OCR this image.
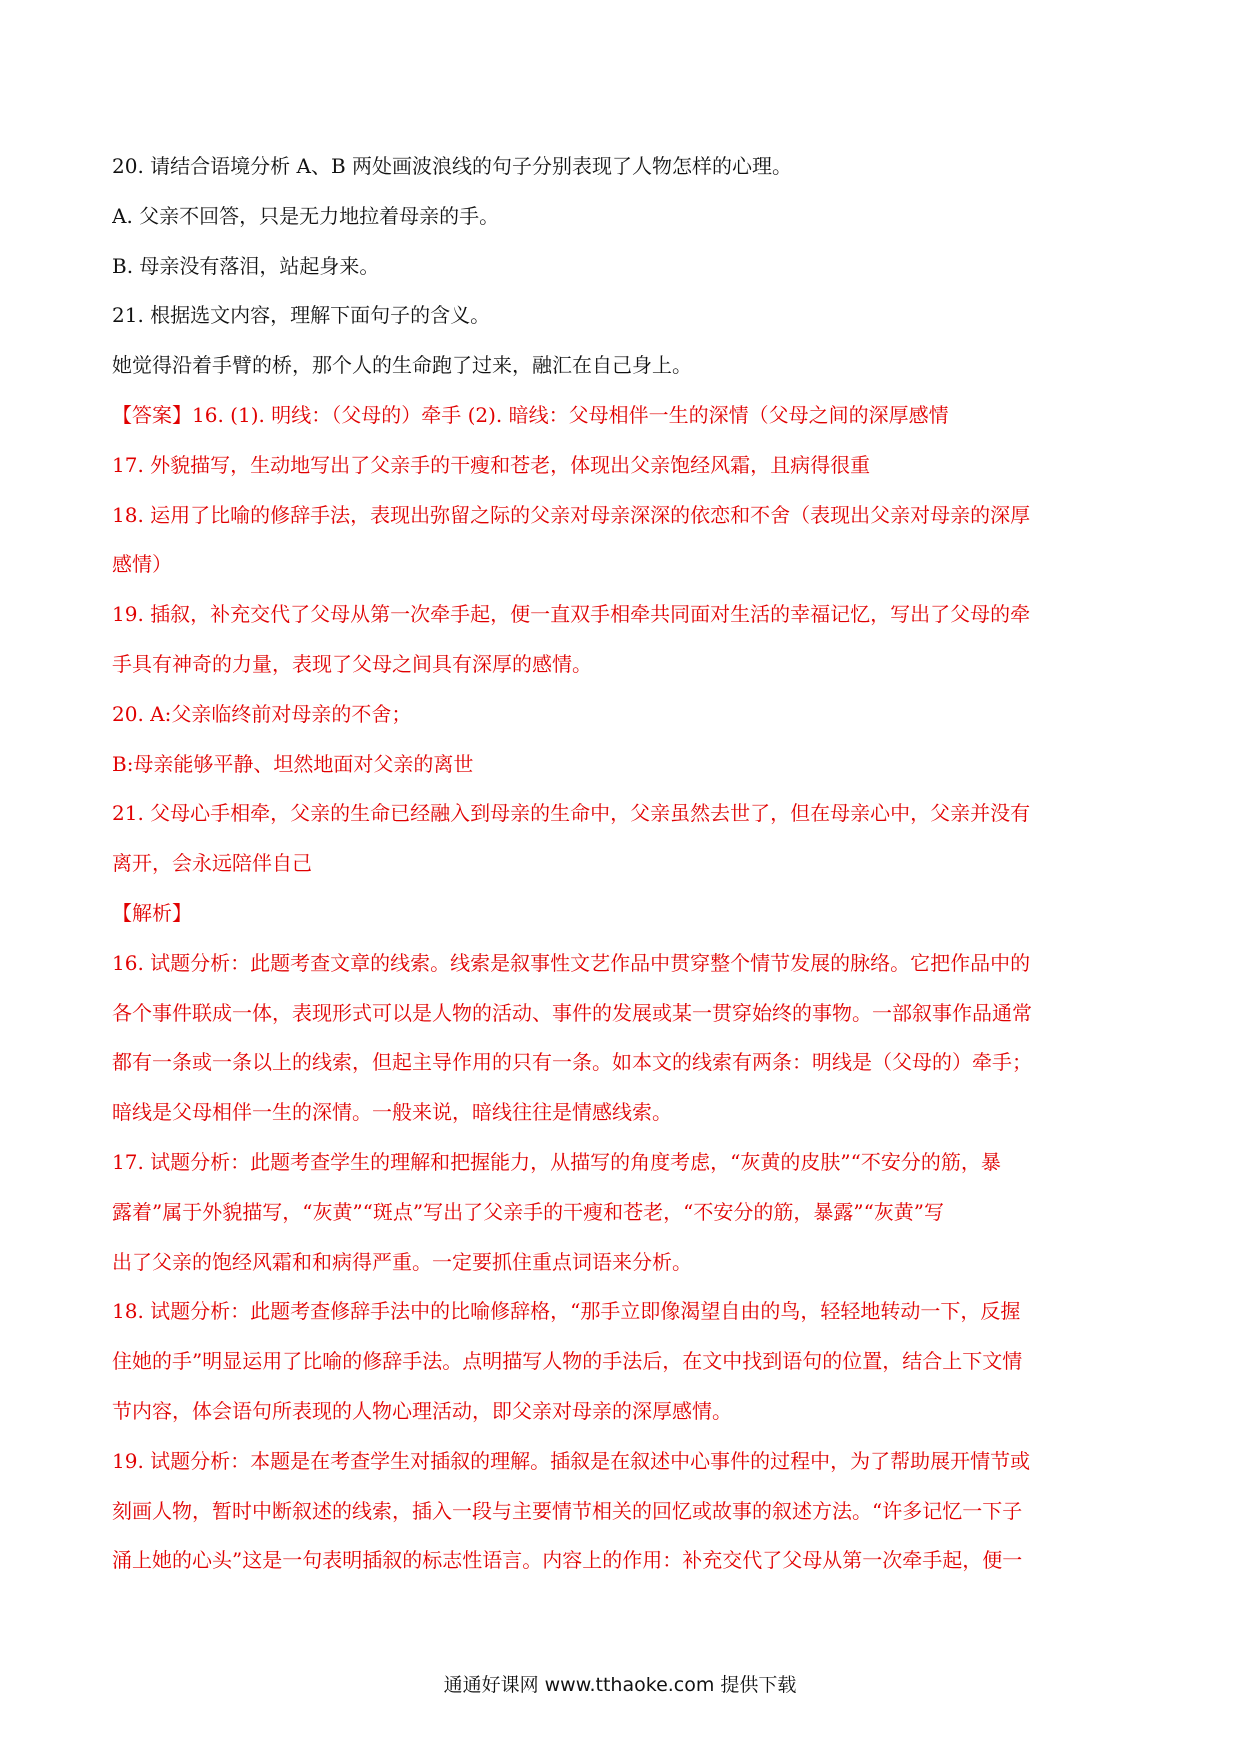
20. 请结合语境分析 A、B 两处画波浪线的句子分别表现了人物怎样的心理。
A. 父亲不回答，只是无力地拉着母亲的手。
B. 母亲没有落泪，站起身来。
21. 根据选文内容，理解下面句子的含义。
她觉得沿着手臂的桥，那个人的生命跑了过来，融汇在自己身上。
【答案】16. (1). 明线：（父母的）牵手 (2). 暗线：父母相伴一生的深情（父母之间的深厚感情
17. 外貌描写，生动地写出了父亲手的干瘦和苍老，体现出父亲饱经风霜，且病得很重
18. 运用了比喻的修辞手法，表现出弥留之际的父亲对母亲深深的依恋和不舍（表现出父亲对母亲的深厚
感情）
19. 插叙，补充交代了父母从第一次牵手起，便一直双手相牵共同面对生活的幸福记忆，写出了父母的牵
手具有神奇的力量，表现了父母之间具有深厚的感情。
20. A:父亲临终前对母亲的不舍；
B:母亲能够平静、坦然地面对父亲的离世
21. 父母心手相牵，父亲的生命已经融入到母亲的生命中，父亲虽然去世了，但在母亲心中，父亲并没有
离开，会永远陪伴自己
【解析】
16. 试题分析：此题考查文章的线索。线索是叙事性文艺作品中贯穿整个情节发展的脉络。它把作品中的
各个事件联成一体，表现形式可以是人物的活动、事件的发展或某一贯穿始终的事物。一部叙事作品通常
都有一条或一条以上的线索，但起主导作用的只有一条。如本文的线索有两条：明线是（父母的）牵手；
暗线是父母相伴一生的深情。一般来说，暗线往往是情感线索。
17. 试题分析：此题考查学生的理解和把握能力，从描写的角度考虑，“灰黄的皮肤”“不安分的筋，暴
露着”属于外貌描写，“灰黄”“斑点”写出了父亲手的干瘦和苍老，“不安分的筋，暴露”“灰黄”写
出了父亲的饱经风霜和和病得严重。一定要抓住重点词语来分析。
18. 试题分析：此题考查修辞手法中的比喻修辞格，“那手立即像渴望自由的鸟，轻轻地转动一下，反握
住她的手”明显运用了比喻的修辞手法。点明描写人物的手法后，在文中找到语句的位置，结合上下文情
节内容，体会语句所表现的人物心理活动，即父亲对母亲的深厚感情。
19. 试题分析：本题是在考查学生对插叙的理解。插叙是在叙述中心事件的过程中，为了帮助展开情节或
刻画人物，暂时中断叙述的线索，插入一段与主要情节相关的回忆或故事的叙述方法。“许多记忆一下子
涌上她的心头”这是一句表明插叙的标志性语言。内容上的作用：补充交代了父母从第一次牵手起，便一
通通好课网 www.tthaoke.com 提供下载
